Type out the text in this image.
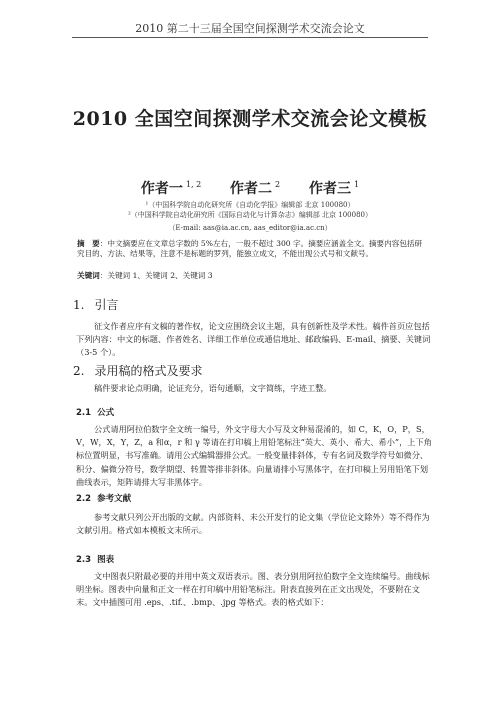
2010 第二十三届全国空间探测学术交流会论文
2010 全国空间探测学术交流会论文模板
作者一 $^{1, 2}$ 作者二 $^2$ 作者三 $^1$
¹（中国科学院自动化研究所《自动化学报》编辑部 北京 100080）
²（中国科学院自动化研究所《国际自动化与计算杂志》编辑部 北京 100080）
（E-mail: aas@ia.ac.cn, aas_editor@ia.ac.cn）
摘　要：中文摘要应在文章总字数的 5%左右，一般不超过 300 字。摘要应涵盖全文。摘要内容包括研究目的、方法、结果等，注意不是标题的罗列，能独立成文，不能出现公式号和文献号。
关键词：关键词 1、关键词 2、关键词 3
1. 引言
征文作者应序有文稿的著作权，论文应围绕会议主题，具有创新性及学术性。稿件首页应包括下列内容：中文的标题、作者姓名、详细工作单位或通信地址、邮政编码、E-mail、摘要、关键词（3-5 个）。
2. 录用稿的格式及要求
稿件要求论点明确，论证充分，语句通顺，文字简练，字迹工整。
2.1 公式
公式请用阿拉伯数字全文统一编号，外文字母大小写及文种易混淆的，如 C，K，O，P，S，V，W，X，Y，Z，a 和α，r 和 γ 等请在打印稿上用铅笔标注“英大、英小、希大、希小”，上下角标位置明显，书写准确。请用公式编辑器排公式。一般变量排斜体，专有名词及数学符号如微分、积分、偏微分符号，数学期望、转置等排非斜体。向量请排小写黑体字，在打印稿上另用铅笔下划曲线表示，矩阵请排大写非黑体字。
2.2 参考文献
参考文献只列公开出版的文献。内部资料、未公开发行的论文集（学位论文除外）等不得作为文献引用。格式如本模板文末所示。
2.3 图表
文中图表只附最必要的并用中英文双语表示。图、表分别用阿拉伯数字全文连续编号。曲线标明坐标。图表中向量和正文一样在打印稿中用铅笔标注。附表直接列在正文出现处，不要附在文末。文中插图可用 .eps、.tif.、.bmp、.jpg 等格式。表的格式如下：
